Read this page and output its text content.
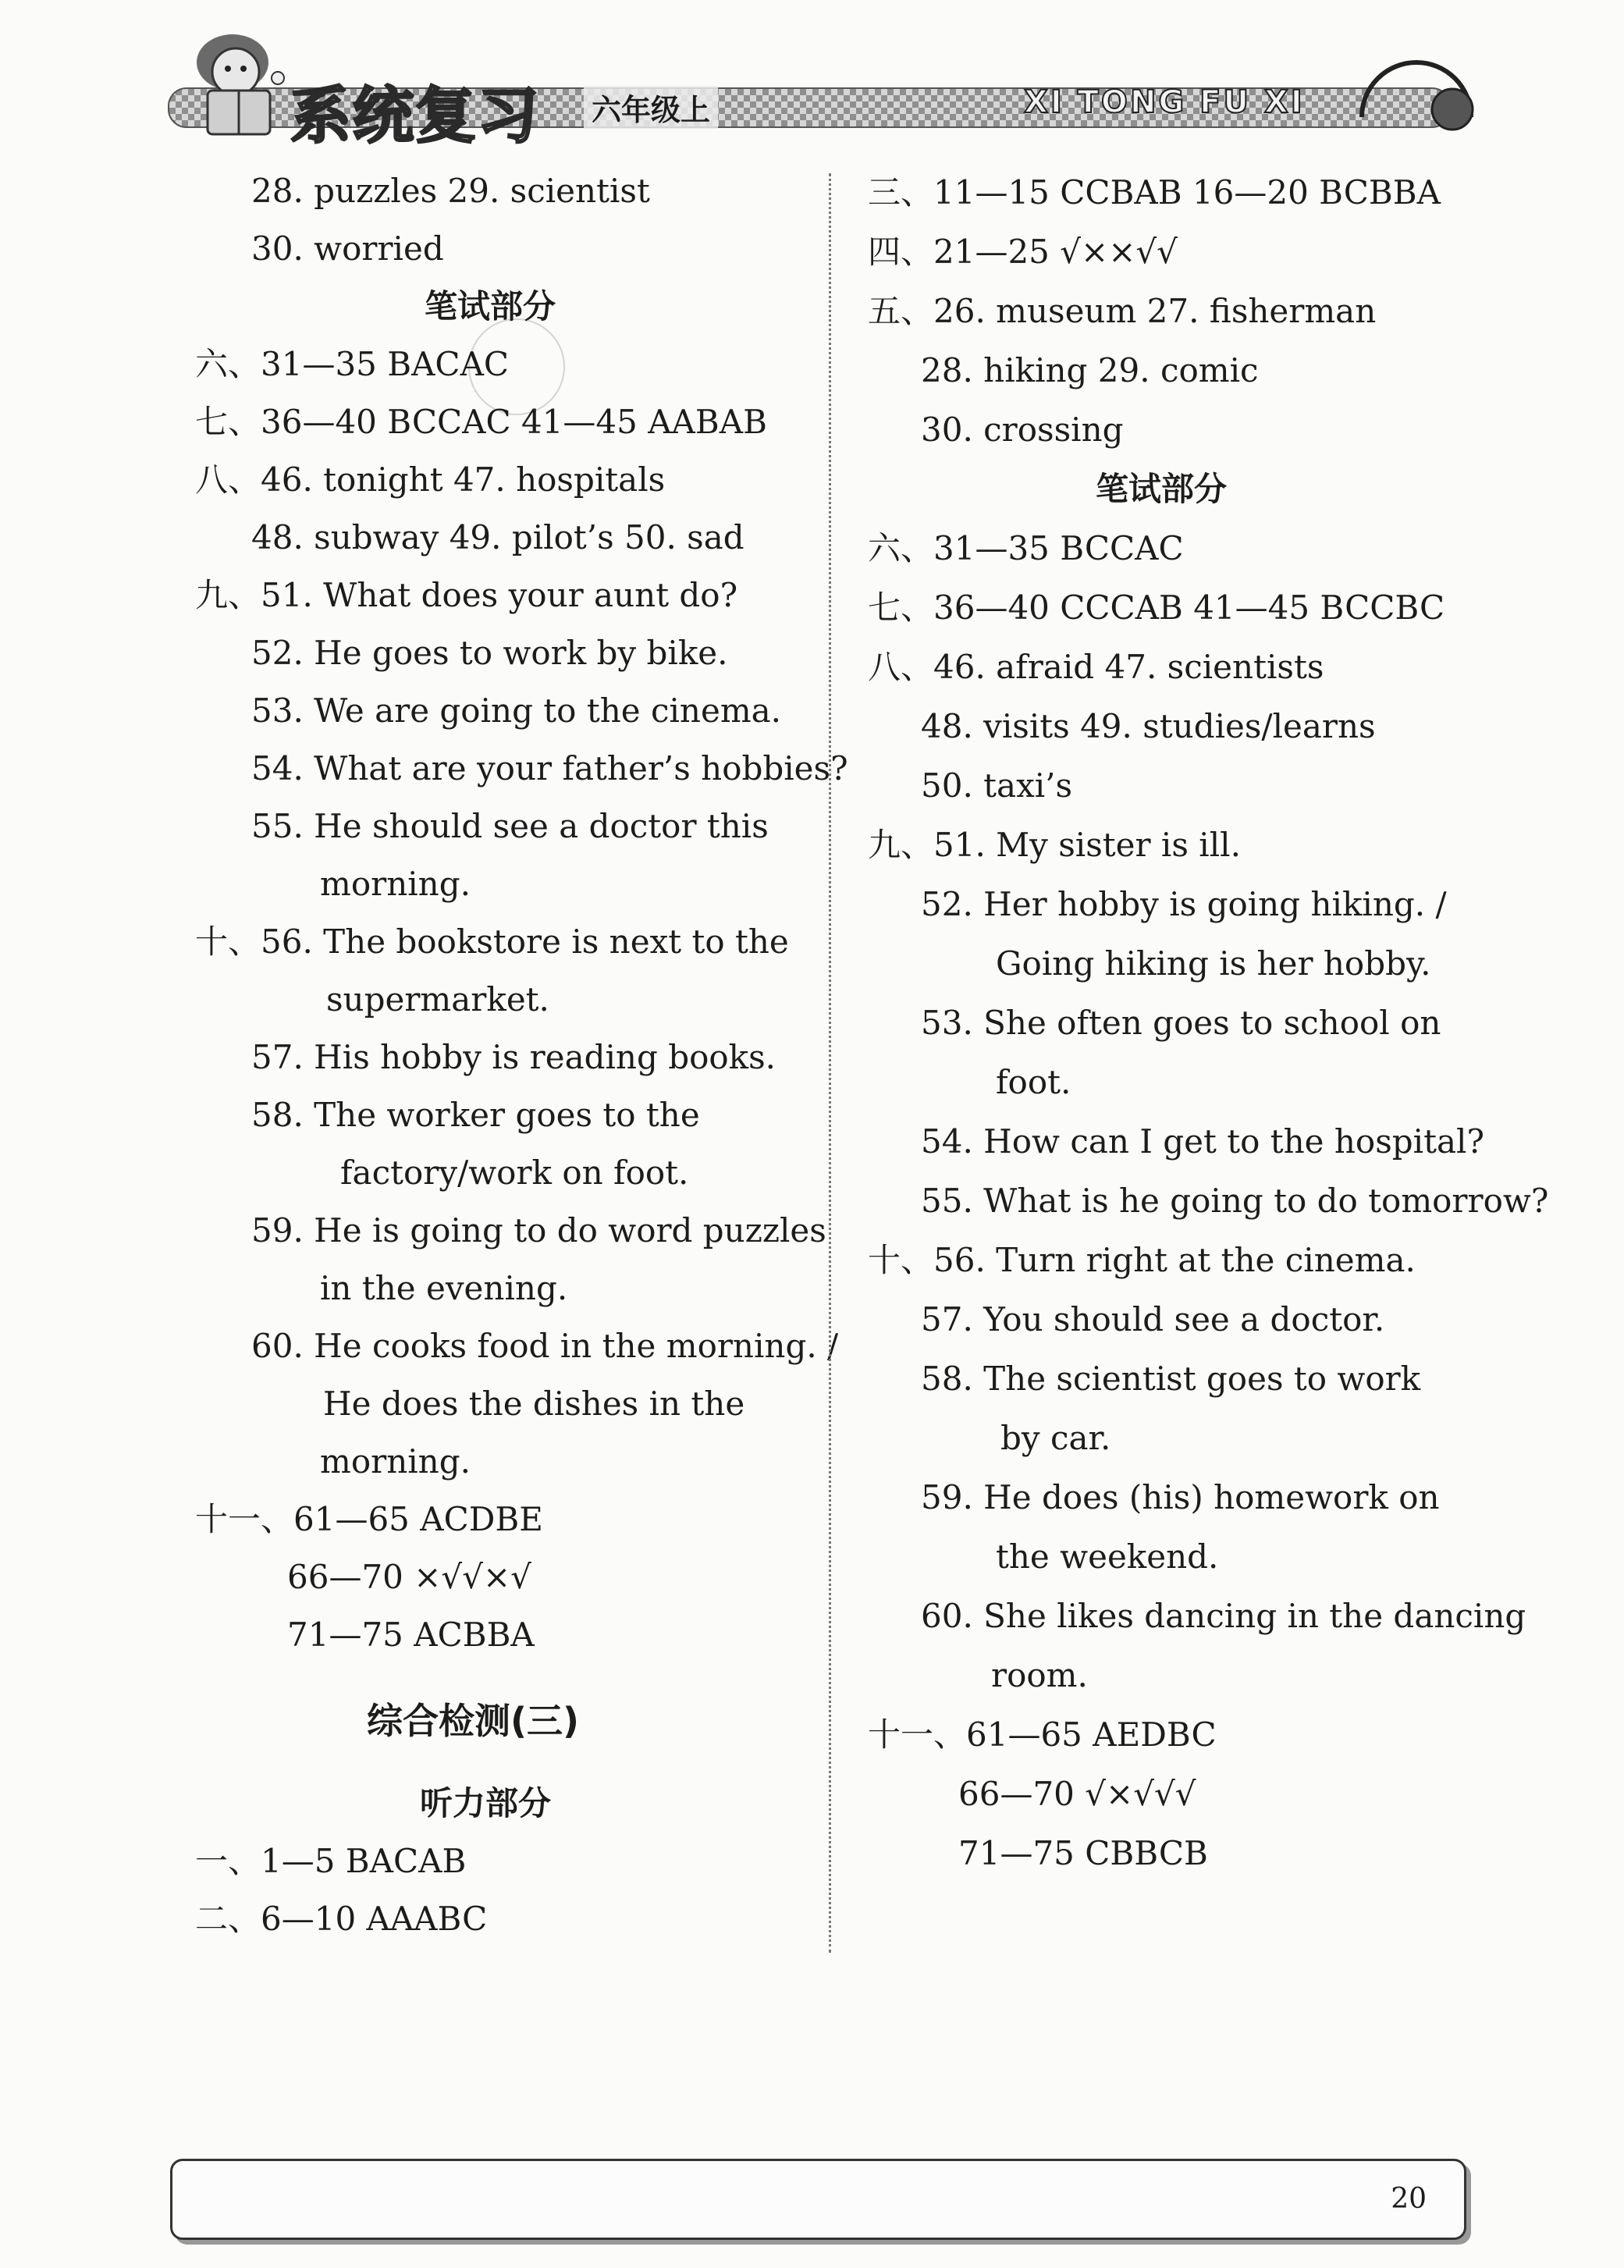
系统复习 六年级上	XI TONG FU XI
28. puzzles 29. scientist
30. worried
笔试部分
六、31—35 BACAC
七、36—40 BCCAC 41—45 AABAB
八、46. tonight 47. hospitals
48. subway 49. pilot’s 50. sad
九、51. What does your aunt do?
52. He goes to work by bike.
53. We are going to the cinema.
54. What are your father’s hobbies?
55. He should see a doctor this
morning.
十、56. The bookstore is next to the
supermarket.
57. His hobby is reading books.
58. The worker goes to the
factory/work on foot.
59. He is going to do word puzzles
in the evening.
60. He cooks food in the morning. /
He does the dishes in the
morning.
十一、61—65 ACDBE
66—70 ×√√×√
71—75 ACBBA
综合检测(三)
听力部分
一、1—5 BACAB
二、6—10 AAABC
三、11—15 CCBAB 16—20 BCBBA
四、21—25 √××√√
五、26. museum 27. fisherman
28. hiking 29. comic
30. crossing
笔试部分
六、31—35 BCCAC
七、36—40 CCCAB 41—45 BCCBC
八、46. afraid 47. scientists
48. visits 49. studies/learns
50. taxi’s
九、51. My sister is ill.
52. Her hobby is going hiking. /
Going hiking is her hobby.
53. She often goes to school on
foot.
54. How can I get to the hospital?
55. What is he going to do tomorrow?
十、56. Turn right at the cinema.
57. You should see a doctor.
58. The scientist goes to work
by car.
59. He does (his) homework on
the weekend.
60. She likes dancing in the dancing
room.
十一、61—65 AEDBC
66—70 √×√√√
71—75 CBBCB
20
